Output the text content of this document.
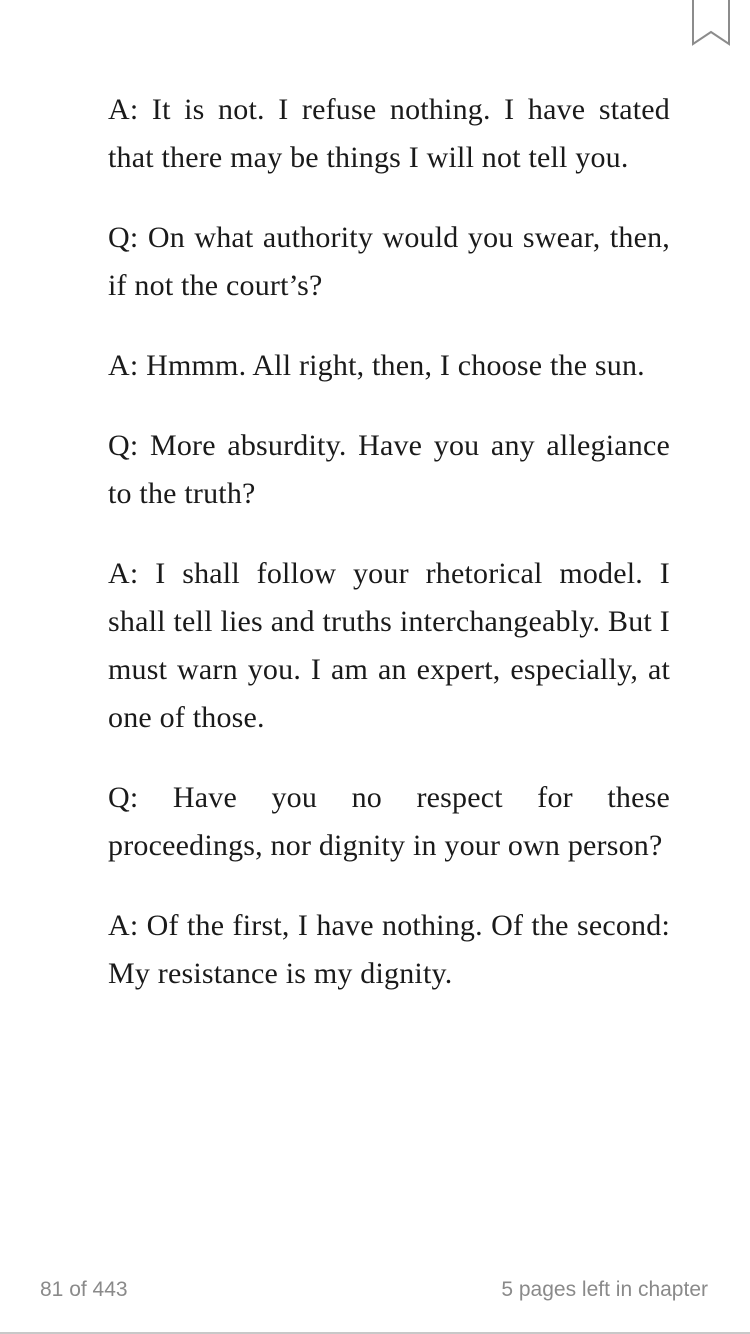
A: It is not. I refuse nothing. I have stated that there may be things I will not tell you.

Q: On what authority would you swear, then, if not the court’s?

A: Hmmm. All right, then, I choose the sun.

Q: More absurdity. Have you any allegiance to the truth?

A: I shall follow your rhetorical model. I shall tell lies and truths interchangeably. But I must warn you. I am an expert, especially, at one of those.

Q: Have you no respect for these proceedings, nor dignity in your own person?

A: Of the first, I have nothing. Of the second: My resistance is my dignity.

81 of 443	5 pages left in chapter
